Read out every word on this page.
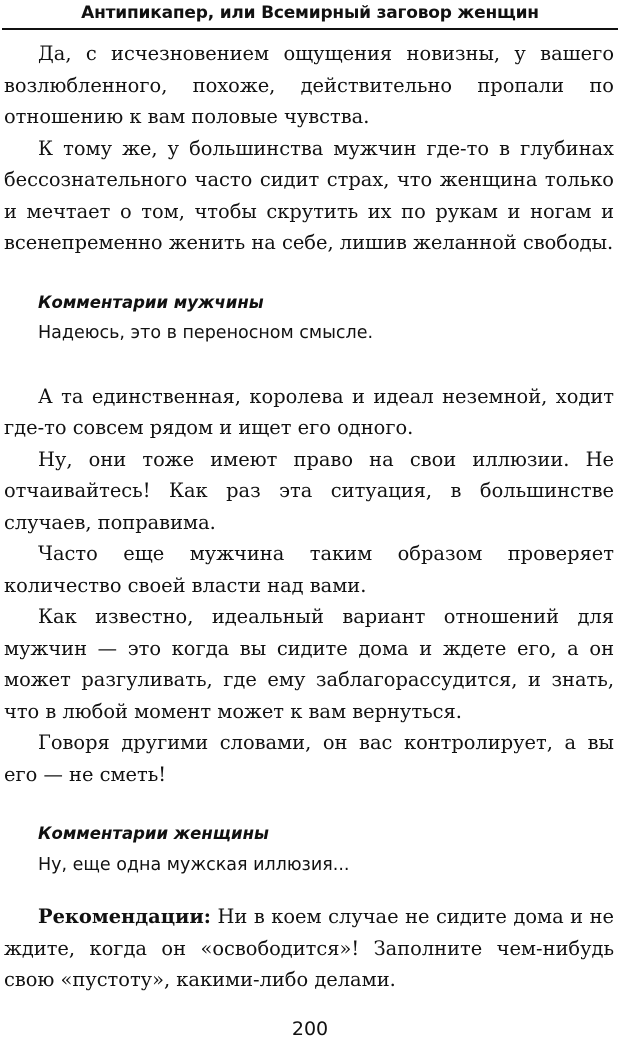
Антипикапер, или Всемирный заговор женщин

Да, с исчезновением ощущения новизны, у вашего возлюбленного, похоже, действительно пропали по отношению к вам половые чувства.

К тому же, у большинства мужчин где-то в глубинах бессознательного часто сидит страх, что женщина только и мечтает о том, чтобы скрутить их по рукам и ногам и всенепременно женить на себе, лишив желанной свободы.

Комментарии мужчины

Надеюсь, это в переносном смысле.

А та единственная, королева и идеал неземной, ходит где-то совсем рядом и ищет его одного.

Ну, они тоже имеют право на свои иллюзии. Не отчаивайтесь! Как раз эта ситуация, в большинстве случаев, поправима.

Часто еще мужчина таким образом проверяет количество своей власти над вами.

Как известно, идеальный вариант отношений для мужчин — это когда вы сидите дома и ждете его, а он может разгуливать, где ему заблагорассудится, и знать, что в любой момент может к вам вернуться.

Говоря другими словами, он вас контролирует, а вы его — не сметь!

Комментарии женщины

Ну, еще одна мужская иллюзия...

Рекомендации: Ни в коем случае не сидите дома и не ждите, когда он «освободится»! Заполните чем-нибудь свою «пустоту», какими-либо делами.

200
